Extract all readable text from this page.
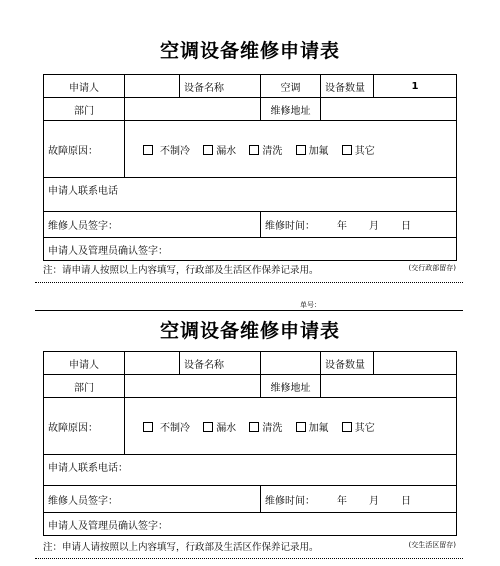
空调设备维修申请表
申请人		设备名称	空调	设备数量	1
部门			维修地址		
故障原因：	不制冷 漏水 清洗 加氟 其它				
申请人联系电话					
维修人员签字：			维修时间： 年 月 日		
申请人及管理员确认签字：					
注：请申请人按照以上内容填写，行政部及生活区作保养记录用。	(交行政部留存)
单号：
空调设备维修申请表
申请人		设备名称		设备数量	
部门			维修地址		
故障原因：	不制冷 漏水 清洗 加氟 其它				
申请人联系电话：					
维修人员签字：			维修时间： 年 月 日		
申请人及管理员确认签字：					
注：申请人请按照以上内容填写，行政部及生活区作保养记录用。	(交生活区留存)
